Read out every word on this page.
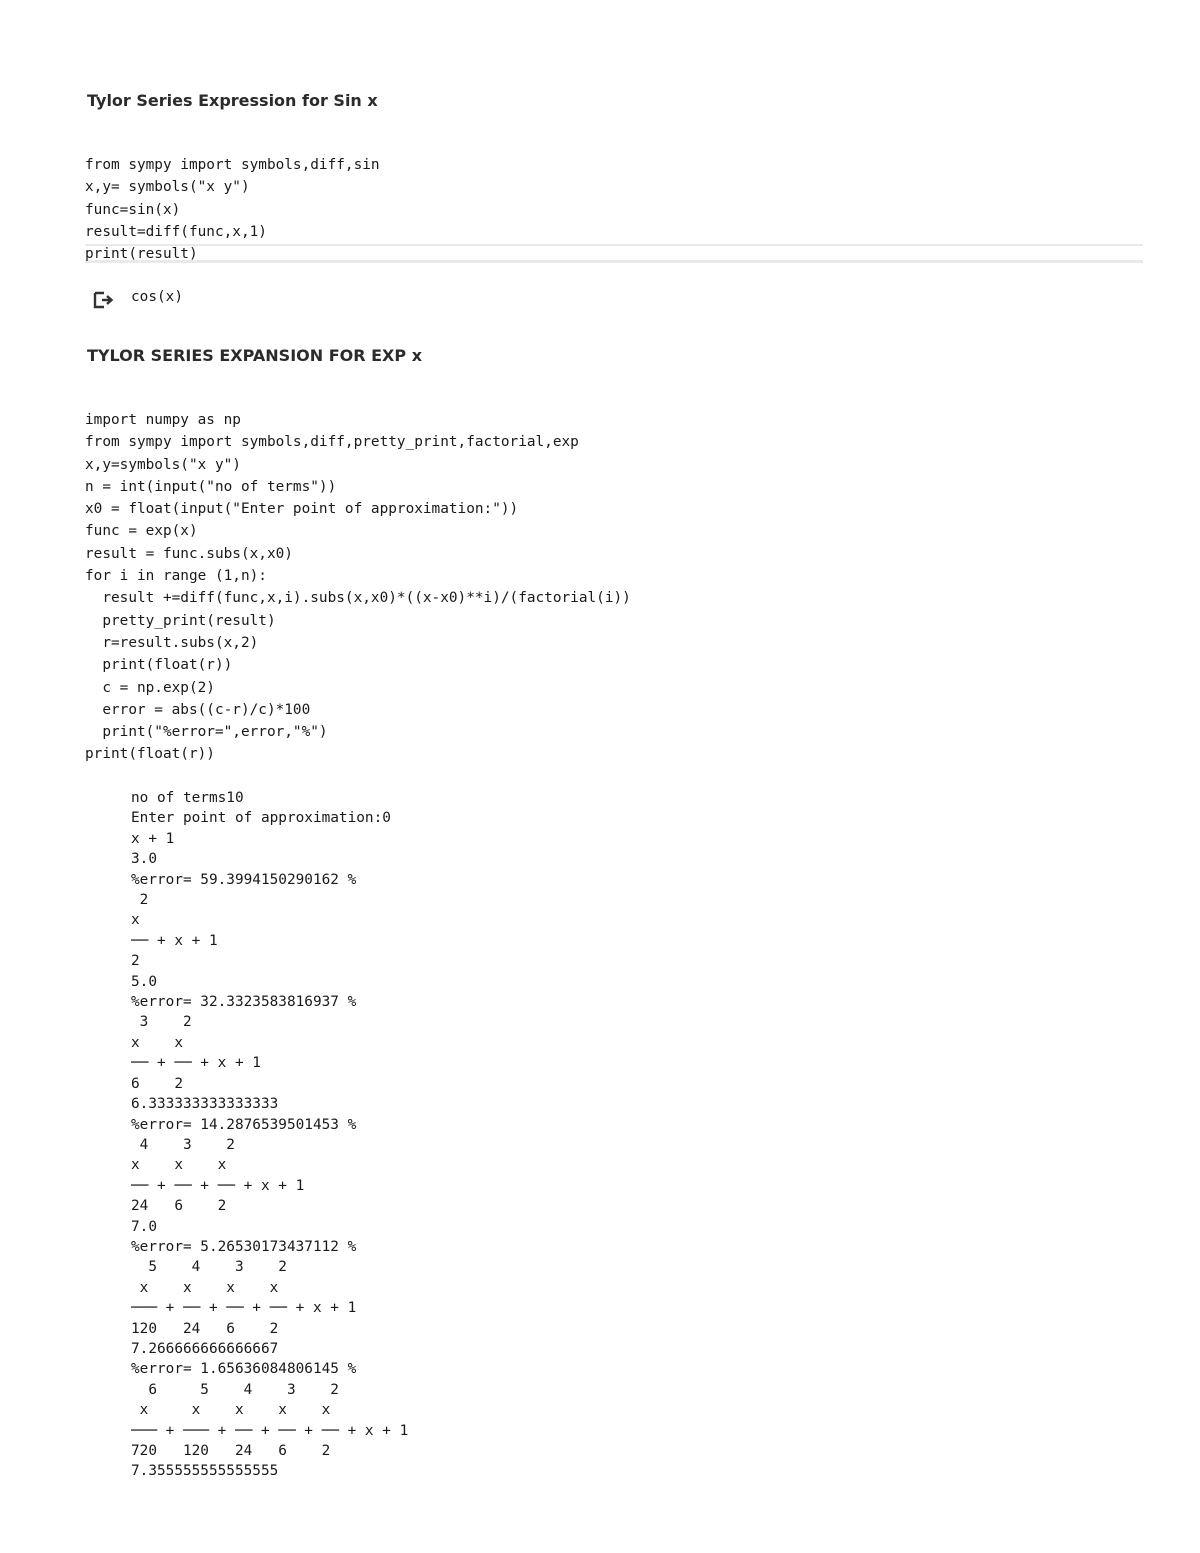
Tylor Series Expression for Sin x
from sympy import symbols,diff,sin
x,y= symbols("x y")
func=sin(x)
result=diff(func,x,1)
print(result)
cos(x)
TYLOR SERIES EXPANSION FOR EXP x
import numpy as np
from sympy import symbols,diff,pretty_print,factorial,exp
x,y=symbols("x y")
n = int(input("no of terms"))
x0 = float(input("Enter point of approximation:"))
func = exp(x)
result = func.subs(x,x0)
for i in range (1,n):
result +=diff(func,x,i).subs(x,x0)*((x-x0)**i)/(factorial(i))
pretty_print(result)
r=result.subs(x,2)
print(float(r))
c = np.exp(2)
error = abs((c-r)/c)*100
print("%error=",error,"%")
print(float(r))
no of terms10
Enter point of approximation:0
x + 1
3.0
%error= 59.3994150290162 %
2
x
── + x + 1
2
5.0
%error= 32.3323583816937 %
3    2
x    x
── + ── + x + 1
6    2
6.333333333333333
%error= 14.2876539501453 %
4    3    2
x    x    x
── + ── + ── + x + 1
24   6    2
7.0
%error= 5.26530173437112 %
5    4    3    2
x    x    x    x
─── + ── + ── + ── + x + 1
120   24   6    2
7.266666666666667
%error= 1.65636084806145 %
6     5    4    3    2
x     x    x    x    x
─── + ─── + ── + ── + ── + x + 1
720   120   24   6    2
7.355555555555555
